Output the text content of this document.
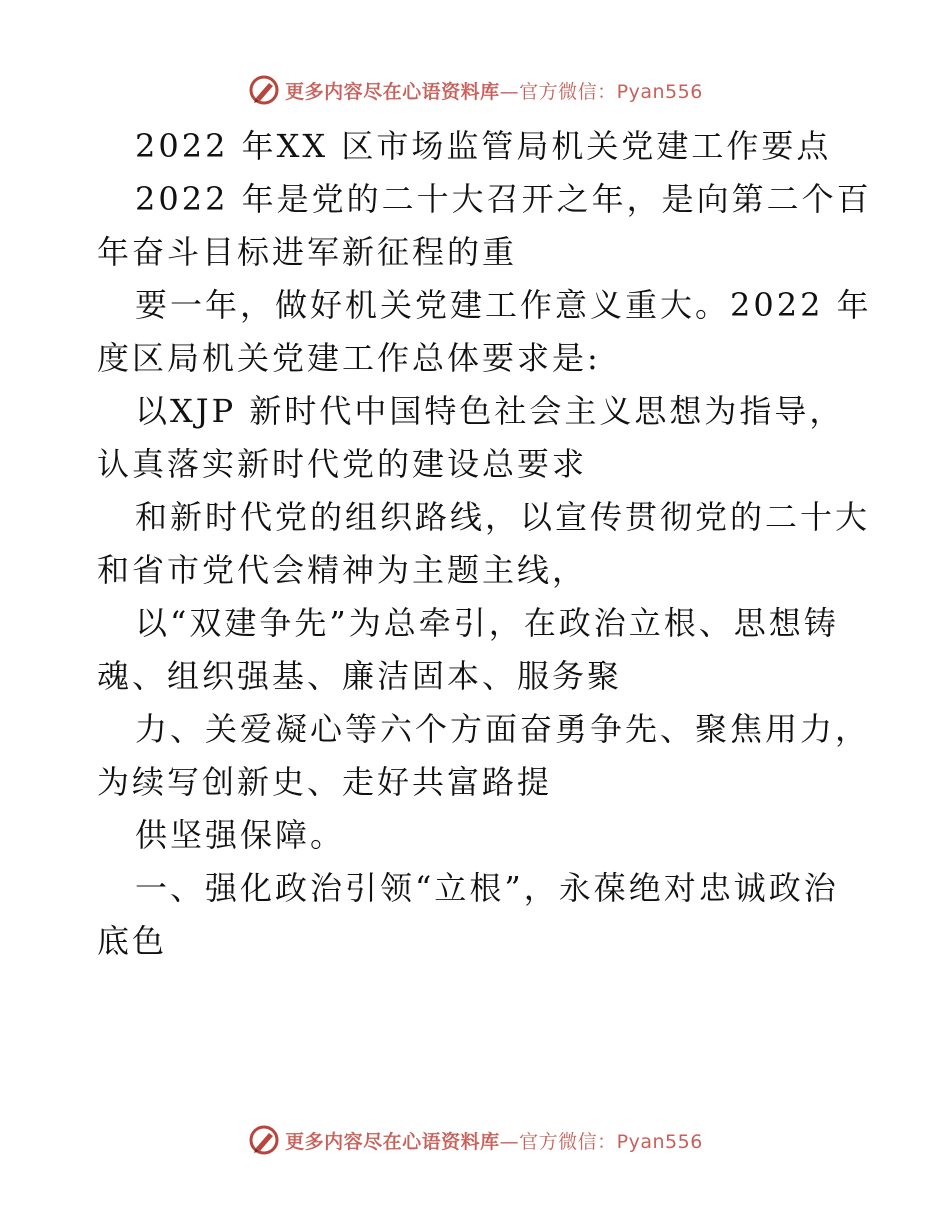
更多内容尽在心语资料库—官方微信：Pyan556
2022 年XX 区市场监管局机关党建工作要点
2022 年是党的二十大召开之年，是向第二个百
年奋斗目标进军新征程的重
要一年，做好机关党建工作意义重大。2022 年
度区局机关党建工作总体要求是:
以XJP 新时代中国特色社会主义思想为指导，
认真落实新时代党的建设总要求
和新时代党的组织路线，以宣传贯彻党的二十大
和省市党代会精神为主题主线，
以“双建争先”为总牵引，在政治立根、思想铸
魂、组织强基、廉洁固本、服务聚
力、关爱凝心等六个方面奋勇争先、聚焦用力，
为续写创新史、走好共富路提
供坚强保障。
一、强化政治引领“立根”，永葆绝对忠诚政治
底色
更多内容尽在心语资料库—官方微信：Pyan556
